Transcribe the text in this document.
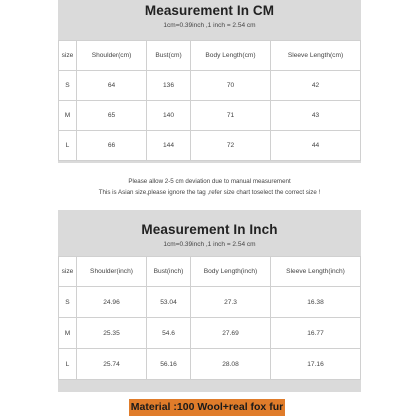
Measurement In CM
1cm=0.39inch ,1 inch = 2.54 cm
size	Shoulder(cm)	Bust(cm)	Body Length(cm)	Sleeve Length(cm)
S	64	136	70	42
M	65	140	71	43
L	66	144	72	44
Please allow 2-5 cm deviation due to manual measurement
This is Asian size,please ignore the tag ,refer size chart toselect the correct size !
Measurement In Inch
1cm=0.39inch ,1 inch = 2.54 cm
size	Shoulder(inch)	Bust(inch)	Body Length(inch)	Sleeve Length(inch)
S	24.96	53.04	27.3	16.38
M	25.35	54.6	27.69	16.77
L	25.74	56.16	28.08	17.16
Material :100 Wool+real fox fur
